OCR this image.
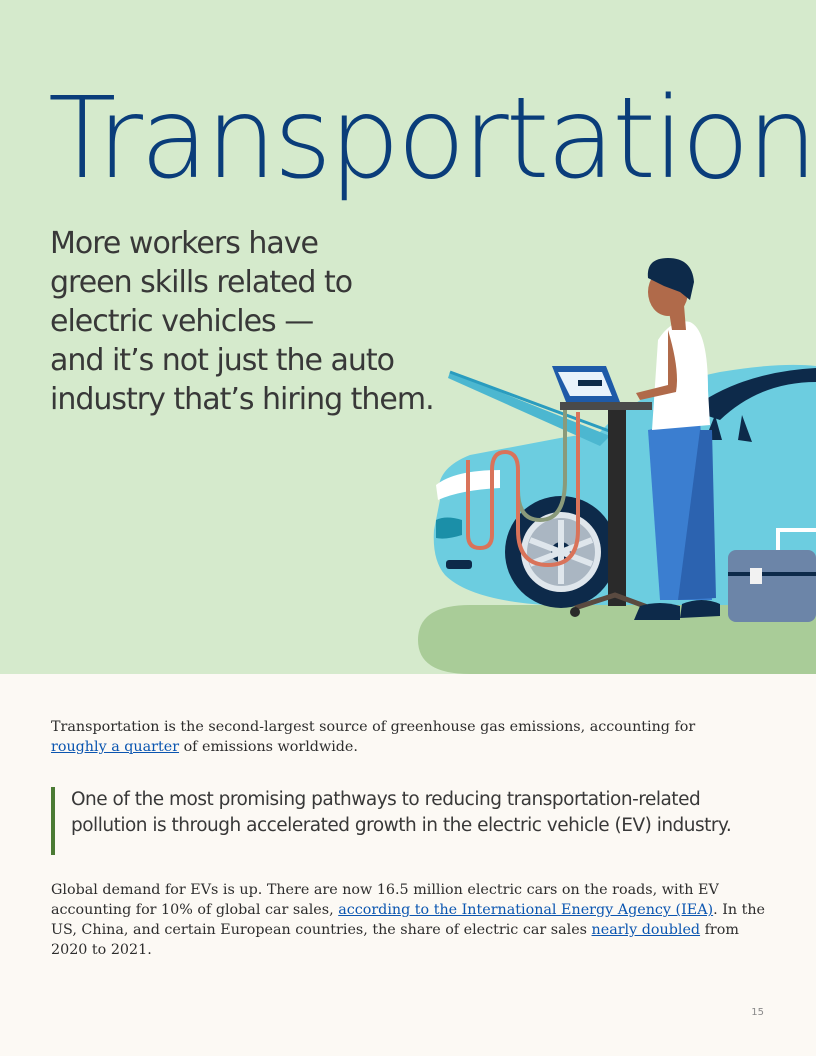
Transportation
More workers have
green skills related to
electric vehicles —
and it’s not just the auto
industry that’s hiring them.

Transportation is the second-largest source of greenhouse gas emissions, accounting for roughly a quarter of emissions worldwide.

One of the most promising pathways to reducing transportation-related
pollution is through accelerated growth in the electric vehicle (EV) industry.

Global demand for EVs is up. There are now 16.5 million electric cars on the roads, with EV accounting for 10% of global car sales, according to the International Energy Agency (IEA). In the US, China, and certain European countries, the share of electric car sales nearly doubled from 2020 to 2021.

15
